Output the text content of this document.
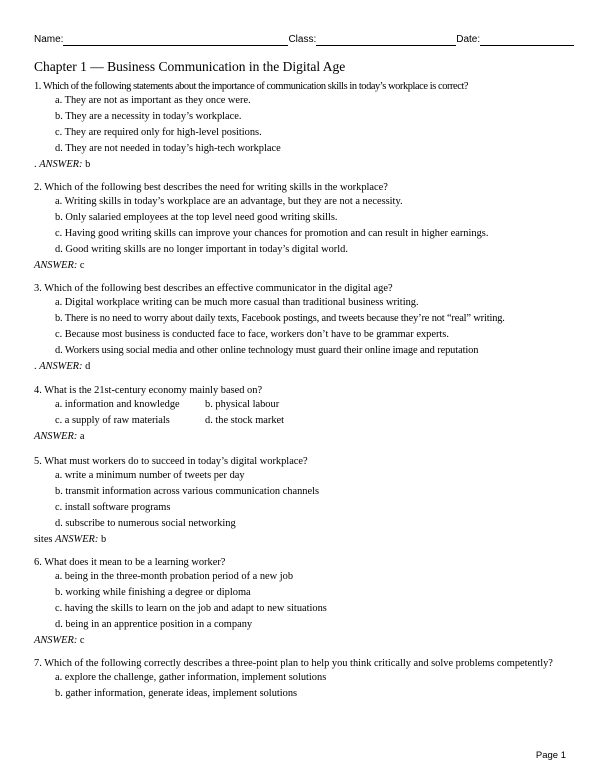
Name:	Class:	Date:
Chapter 1 — Business Communication in the Digital Age
1. Which of the following statements about the importance of communication skills in today’s workplace is correct?
a. They are not as important as they once were.
b. They are a necessity in today’s workplace.
c. They are required only for high-level positions.
d. They are not needed in today’s high-tech workplace
. ANSWER: b
2. Which of the following best describes the need for writing skills in the workplace?
a. Writing skills in today’s workplace are an advantage, but they are not a necessity.
b. Only salaried employees at the top level need good writing skills.
c. Having good writing skills can improve your chances for promotion and can result in higher earnings.
d. Good writing skills are no longer important in today’s digital world.
ANSWER: c
3. Which of the following best describes an effective communicator in the digital age?
a. Digital workplace writing can be much more casual than traditional business writing.
b. There is no need to worry about daily texts, Facebook postings, and tweets because they’re not “real” writing.
c. Because most business is conducted face to face, workers don’t have to be grammar experts.
d. Workers using social media and other online technology must guard their online image and reputation
. ANSWER: d
4. What is the 21st-century economy mainly based on?
a. information and knowledge	b. physical labour
c. a supply of raw materials	d. the stock market
ANSWER: a
5. What must workers do to succeed in today’s digital workplace?
a. write a minimum number of tweets per day
b. transmit information across various communication channels
c. install software programs
d. subscribe to numerous social networking
sites ANSWER: b
6. What does it mean to be a learning worker?
a. being in the three-month probation period of a new job
b. working while finishing a degree or diploma
c. having the skills to learn on the job and adapt to new situations
d. being in an apprentice position in a company
ANSWER: c
7. Which of the following correctly describes a three-point plan to help you think critically and solve problems competently?
a. explore the challenge, gather information, implement solutions
b. gather information, generate ideas, implement solutions
Page 1
